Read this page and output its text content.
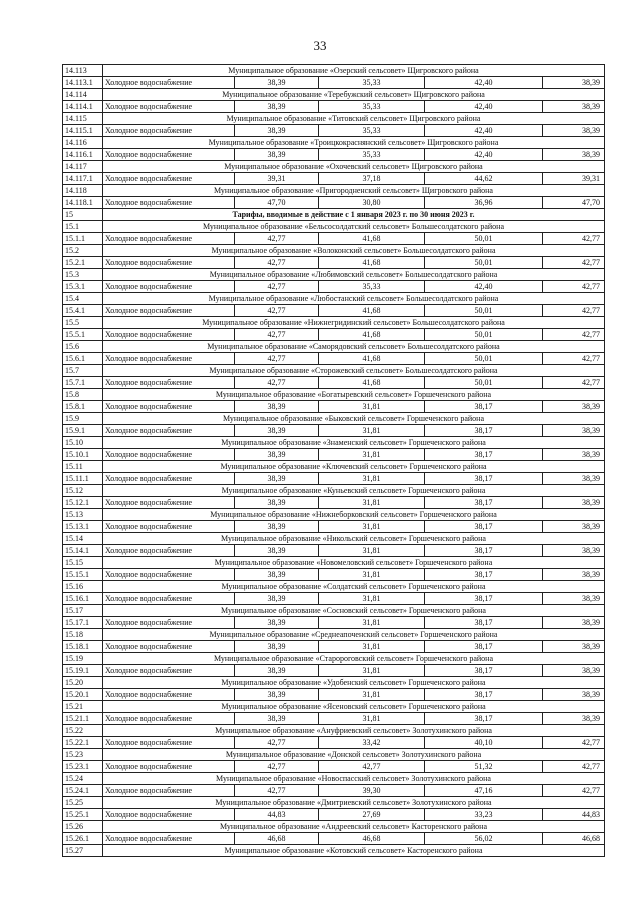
33
14.113	Муниципальное образование «Озерский сельсовет» Щигровского района				
14.113.1	Холодное водоснабжение	38,39	35,33	42,40	38,39
14.114	Муниципальное образование «Теребужский сельсовет» Щигровского района				
14.114.1	Холодное водоснабжение	38,39	35,33	42,40	38,39
14.115	Муниципальное образование «Титовский сельсовет» Щигровского района				
14.115.1	Холодное водоснабжение	38,39	35,33	42,40	38,39
14.116	Муниципальное образование «Троицкокраснянский сельсовет» Щигровского района				
14.116.1	Холодное водоснабжение	38,39	35,33	42,40	38,39
14.117	Муниципальное образование «Охочевский сельсовет» Щигровского района				
14.117.1	Холодное водоснабжение	39,31	37,18	44,62	39,31
14.118	Муниципальное образование «Пригородненский сельсовет» Щигровского района				
14.118.1	Холодное водоснабжение	47,70	30,80	36,96	47,70
15	Тарифы, вводимые в действие с 1 января 2023 г. по 30 июня 2023 г.				
15.1	Муниципальное образование «Бельсосолдатский сельсовет» Большесолдатского района				
15.1.1	Холодное водоснабжение	42,77	41,68	50,01	42,77
15.2	Муниципальное образование «Волоконский сельсовет» Большесолдатского района				
15.2.1	Холодное водоснабжение	42,77	41,68	50,01	42,77
15.3	Муниципальное образование «Любимовский сельсовет» Большесолдатского района				
15.3.1	Холодное водоснабжение	42,77	35,33	42,40	42,77
15.4	Муниципальное образование «Любостанский сельсовет» Большесолдатского района				
15.4.1	Холодное водоснабжение	42,77	41,68	50,01	42,77
15.5	Муниципальное образование «Нижнегридинский сельсовет» Большесолдатского района				
15.5.1	Холодное водоснабжение	42,77	41,68	50,01	42,77
15.6	Муниципальное образование «Саморядовский сельсовет» Большесолдатского района				
15.6.1	Холодное водоснабжение	42,77	41,68	50,01	42,77
15.7	Муниципальное образование «Сторожевский сельсовет» Большесолдатского района				
15.7.1	Холодное водоснабжение	42,77	41,68	50,01	42,77
15.8	Муниципальное образование «Богатыревский сельсовет» Горшеченского района				
15.8.1	Холодное водоснабжение	38,39	31,81	38,17	38,39
15.9	Муниципальное образование «Быковский сельсовет» Горшеченского района				
15.9.1	Холодное водоснабжение	38,39	31,81	38,17	38,39
15.10	Муниципальное образование «Знаменский сельсовет» Горшеченского района				
15.10.1	Холодное водоснабжение	38,39	31,81	38,17	38,39
15.11	Муниципальное образование «Ключевский сельсовет» Горшеченского района				
15.11.1	Холодное водоснабжение	38,39	31,81	38,17	38,39
15.12	Муниципальное образование «Куньевский сельсовет» Горшеченского района				
15.12.1	Холодное водоснабжение	38,39	31,81	38,17	38,39
15.13	Муниципальное образование «Нижнеборковский сельсовет» Горшеченского района				
15.13.1	Холодное водоснабжение	38,39	31,81	38,17	38,39
15.14	Муниципальное образование «Никольский сельсовет» Горшеченского района				
15.14.1	Холодное водоснабжение	38,39	31,81	38,17	38,39
15.15	Муниципальное образование «Новомеловский сельсовет» Горшеченского района				
15.15.1	Холодное водоснабжение	38,39	31,81	38,17	38,39
15.16	Муниципальное образование «Солдатский сельсовет» Горшеченского района				
15.16.1	Холодное водоснабжение	38,39	31,81	38,17	38,39
15.17	Муниципальное образование «Сосновский сельсовет» Горшеченского района				
15.17.1	Холодное водоснабжение	38,39	31,81	38,17	38,39
15.18	Муниципальное образование «Среднеапоченский сельсовет» Горшеченского района				
15.18.1	Холодное водоснабжение	38,39	31,81	38,17	38,39
15.19	Муниципальное образование «Старороговский сельсовет» Горшеченского района				
15.19.1	Холодное водоснабжение	38,39	31,81	38,17	38,39
15.20	Муниципальное образование «Удобенский сельсовет» Горшеченского района				
15.20.1	Холодное водоснабжение	38,39	31,81	38,17	38,39
15.21	Муниципальное образование «Ясеновский сельсовет» Горшеченского района				
15.21.1	Холодное водоснабжение	38,39	31,81	38,17	38,39
15.22	Муниципальное образование «Ануфриевский сельсовет» Золотухинского района				
15.22.1	Холодное водоснабжение	42,77	33,42	40,10	42,77
15.23	Муниципальное образование «Донской сельсовет» Золотухинского района				
15.23.1	Холодное водоснабжение	42,77	42,77	51,32	42,77
15.24	Муниципальное образование «Новоспасский сельсовет» Золотухинского района				
15.24.1	Холодное водоснабжение	42,77	39,30	47,16	42,77
15.25	Муниципальное образование «Дмитриевский сельсовет» Золотухинского района				
15.25.1	Холодное водоснабжение	44,83	27,69	33,23	44,83
15.26	Муниципальное образование «Андреевский сельсовет» Касторенского района				
15.26.1	Холодное водоснабжение	46,68	46,68	56,02	46,68
15.27	Муниципальное образование «Котовский сельсовет» Касторенского района				
